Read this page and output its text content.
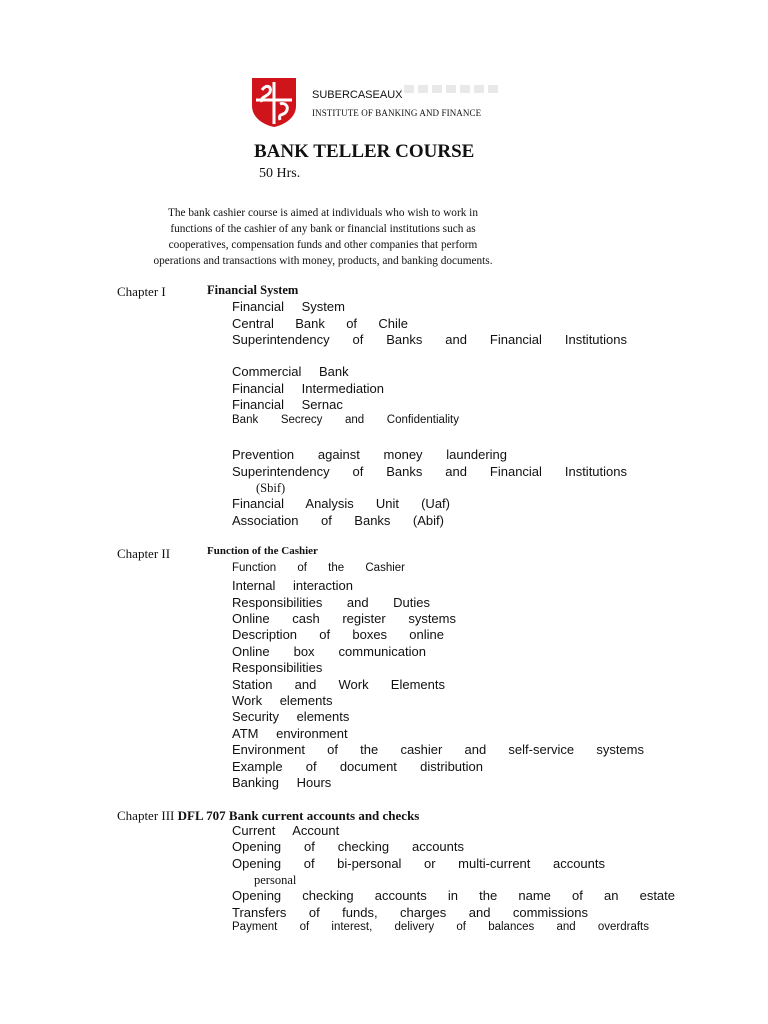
SUBERCASEAUX
INSTITUTE OF BANKING AND FINANCE
BANK TELLER COURSE
50 Hrs.
The bank cashier course is aimed at individuals who wish to work in
functions of the cashier of any bank or financial institutions such as
cooperatives, compensation funds and other companies that perform
operations and transactions with money, products, and banking documents.
Chapter I	Financial System
Financial System
Central Bank of Chile
Superintendency of Banks and Financial Institutions
Commercial Bank
Financial Intermediation
Financial Sernac
Bank Secrecy and Confidentiality
Prevention against money laundering
Superintendency of Banks and Financial Institutions
(Sbif)
Financial Analysis Unit (Uaf)
Association of Banks (Abif)
Chapter II	Function of the Cashier
Function of the Cashier
Internal interaction
Responsibilities and Duties
Online cash register systems
Description of boxes online
Online box communication
Responsibilities
Station and Work Elements
Work elements
Security elements
ATM environment
Environment of the cashier and self-service systems
Example of document distribution
Banking Hours
Chapter III DFL 707 Bank current accounts and checks
Current Account
Opening of checking accounts
Opening of bi-personal or multi-current accounts
personal
Opening checking accounts in the name of an estate
Transfers of funds, charges and commissions
Payment of interest, delivery of balances and overdrafts
